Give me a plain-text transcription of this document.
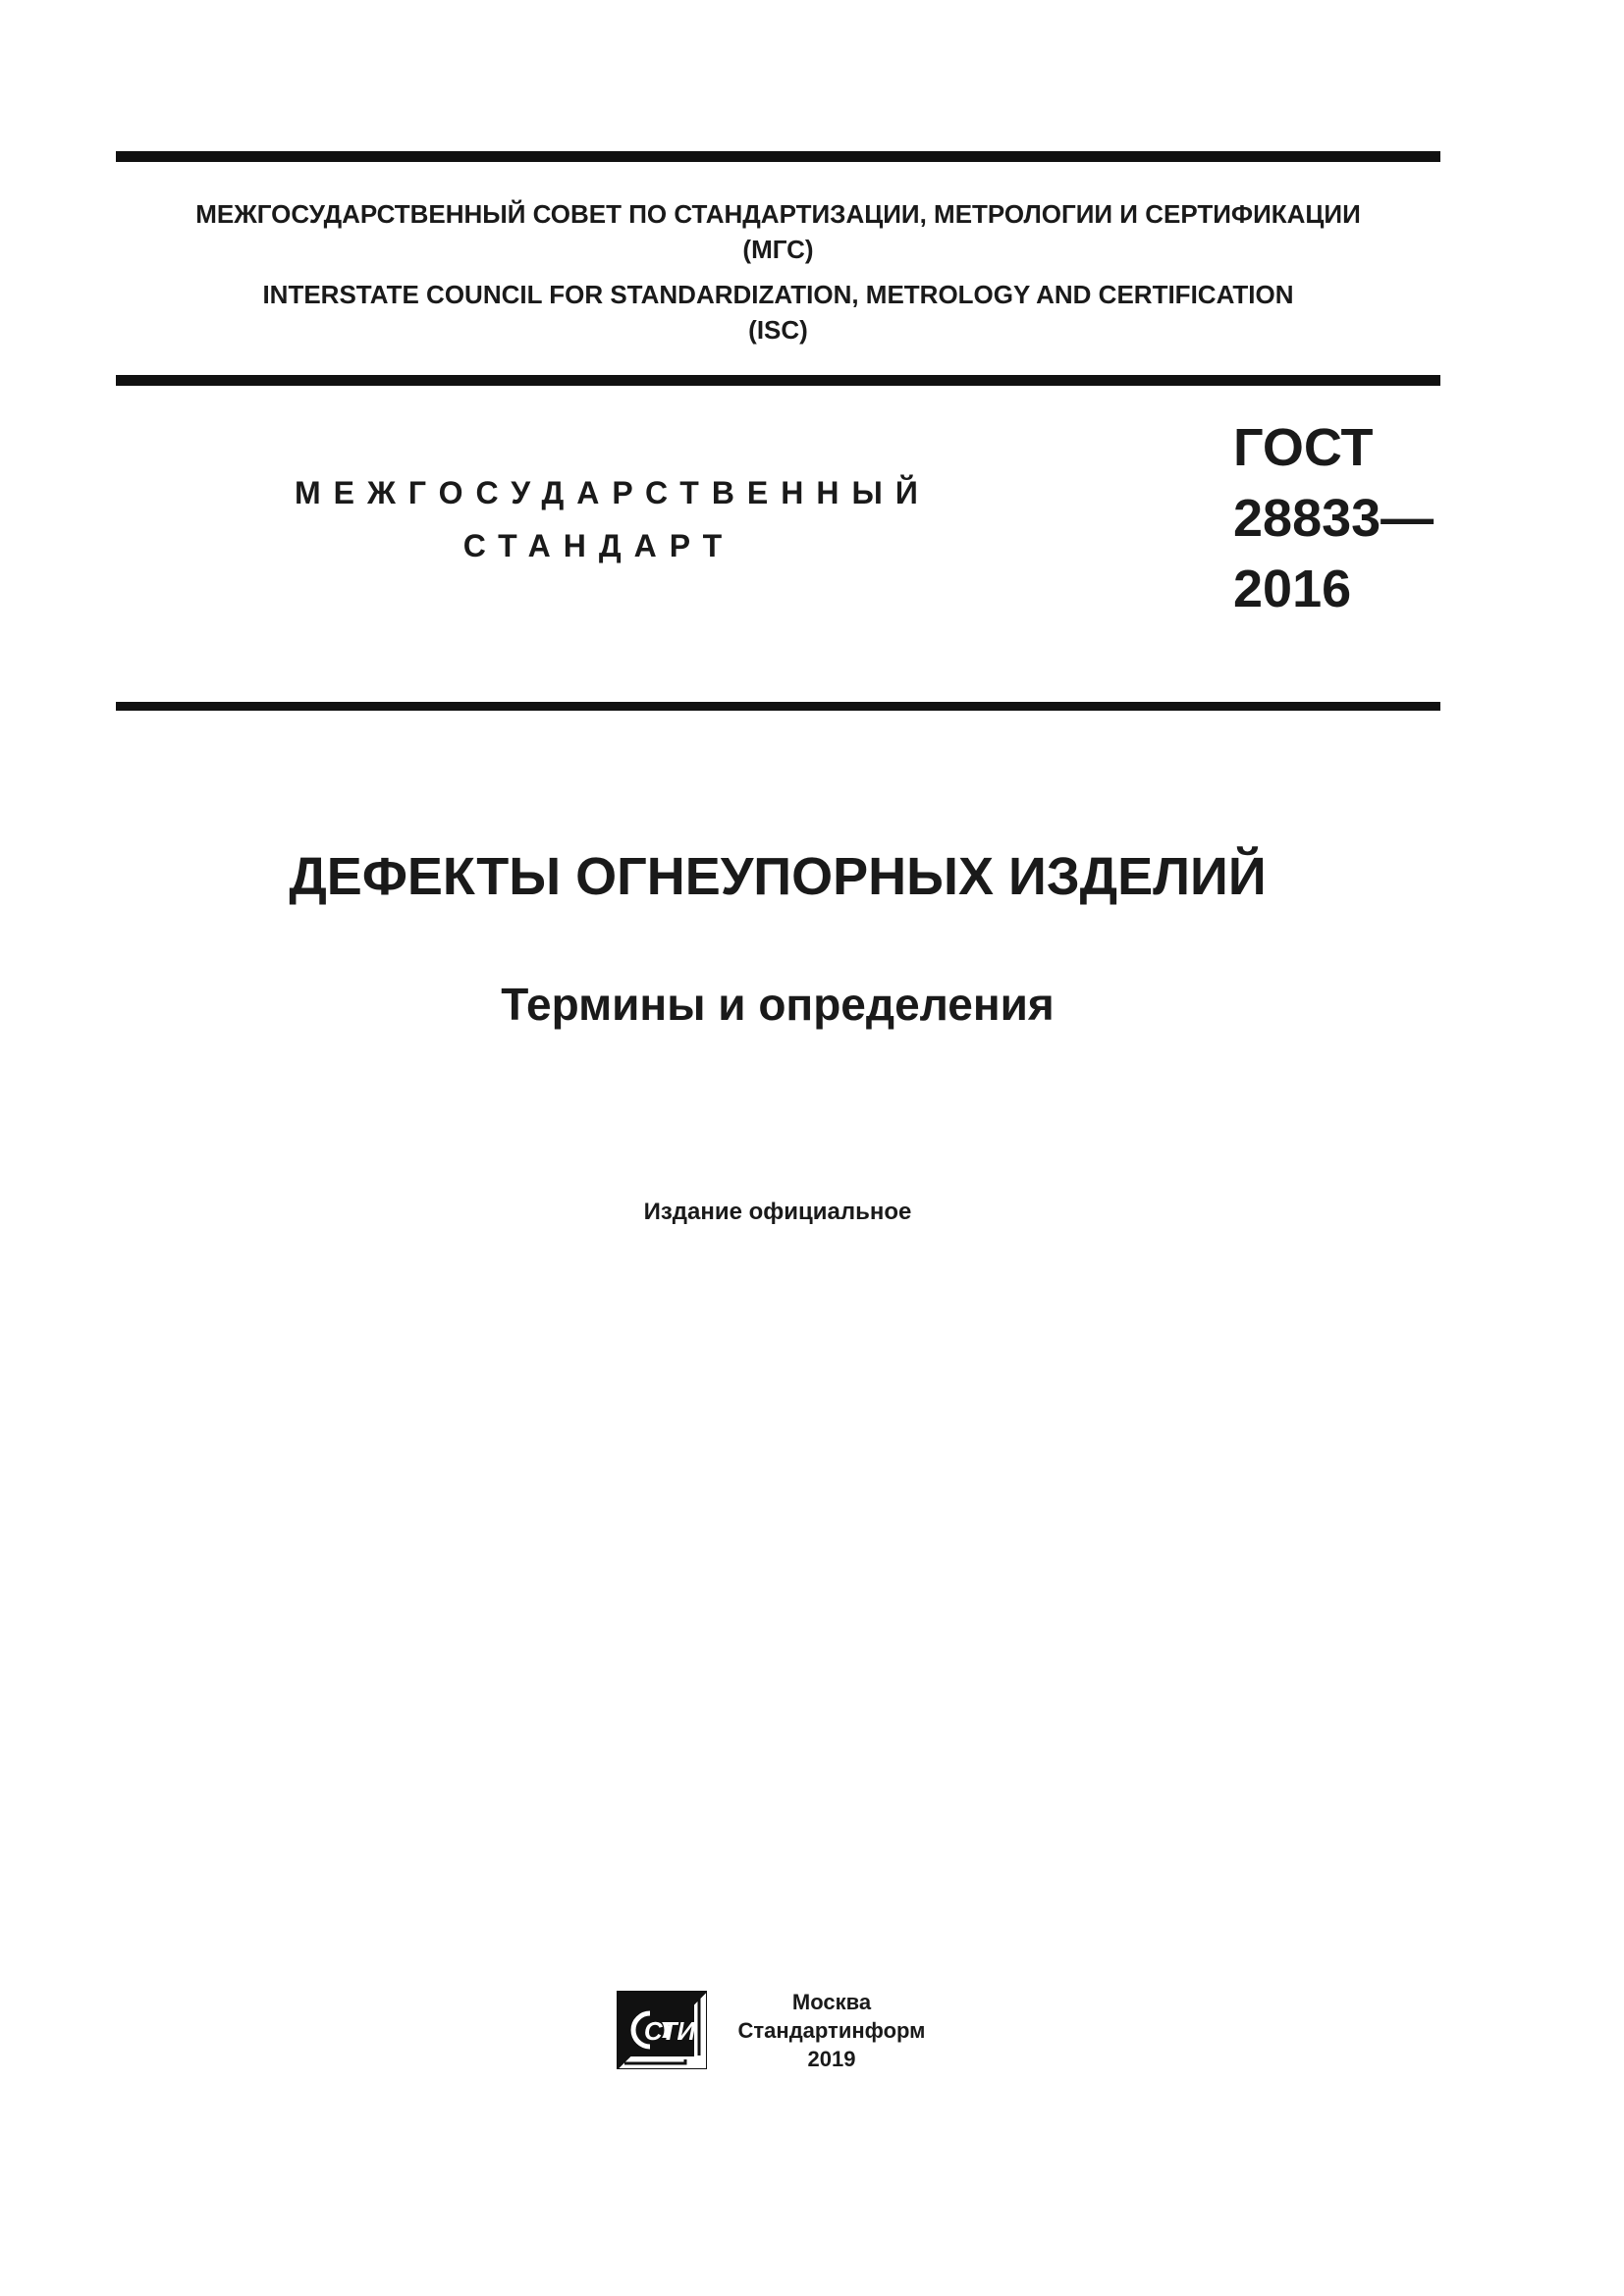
МЕЖГОСУДАРСТВЕННЫЙ СОВЕТ ПО СТАНДАРТИЗАЦИИ, МЕТРОЛОГИИ И СЕРТИФИКАЦИИ
(МГС)
INTERSTATE COUNCIL FOR STANDARDIZATION, METROLOGY AND CERTIFICATION
(ISC)
МЕЖГОСУДАРСТВЕННЫЙ
СТАНДАРТ
ГОСТ
28833—
2016
ДЕФЕКТЫ ОГНЕУПОРНЫХ ИЗДЕЛИЙ
Термины и определения
Издание официальное
СТИ
Москва
Стандартинформ
2019
